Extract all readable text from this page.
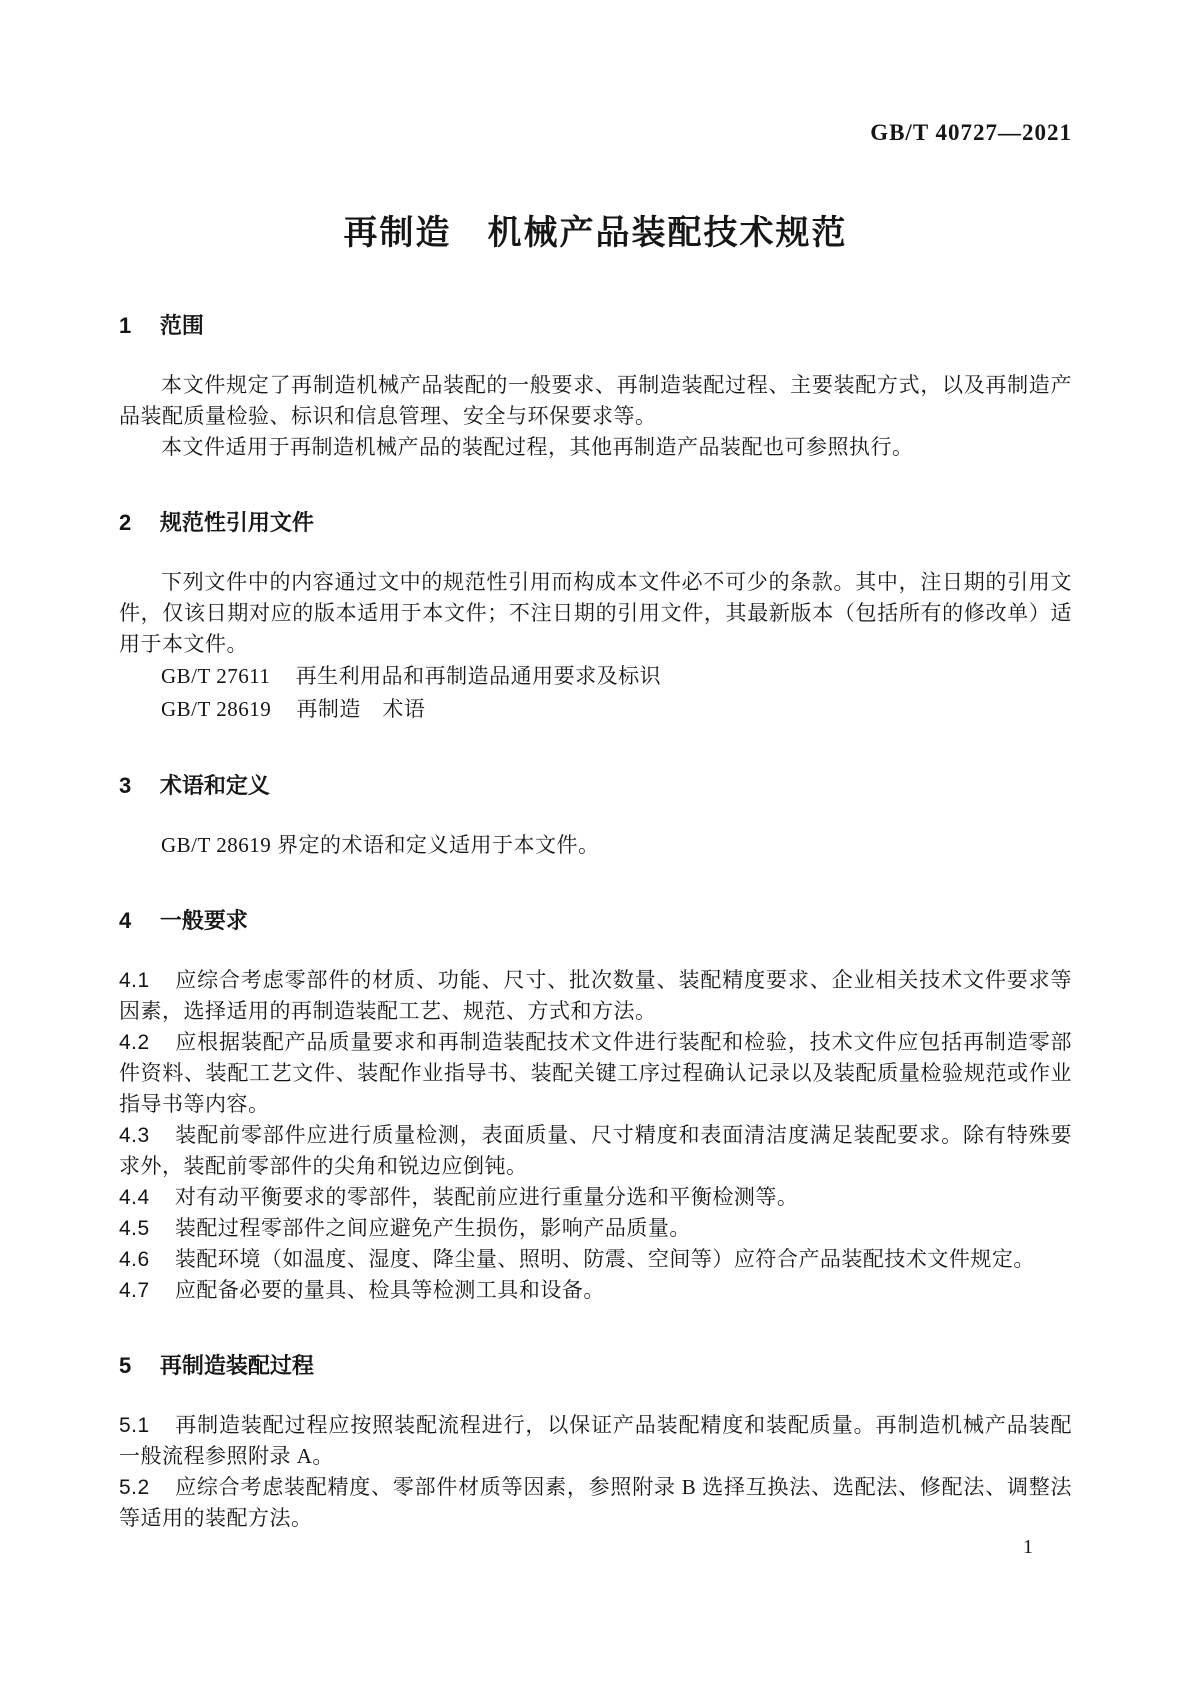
GB/T 40727—2021
再制造　机械产品装配技术规范
1 范围

本文件规定了再制造机械产品装配的一般要求、再制造装配过程、主要装配方式，以及再制造产品装配质量检验、标识和信息管理、安全与环保要求等。

本文件适用于再制造机械产品的装配过程，其他再制造产品装配也可参照执行。

2 规范性引用文件

下列文件中的内容通过文中的规范性引用而构成本文件必不可少的条款。其中，注日期的引用文件，仅该日期对应的版本适用于本文件；不注日期的引用文件，其最新版本（包括所有的修改单）适用于本文件。

GB/T 27611 再生利用品和再制造品通用要求及标识

GB/T 28619 再制造　术语

3 术语和定义

GB/T 28619 界定的术语和定义适用于本文件。

4 一般要求

4.1 应综合考虑零部件的材质、功能、尺寸、批次数量、装配精度要求、企业相关技术文件要求等因素，选择适用的再制造装配工艺、规范、方式和方法。

4.2 应根据装配产品质量要求和再制造装配技术文件进行装配和检验，技术文件应包括再制造零部件资料、装配工艺文件、装配作业指导书、装配关键工序过程确认记录以及装配质量检验规范或作业指导书等内容。

4.3 装配前零部件应进行质量检测，表面质量、尺寸精度和表面清洁度满足装配要求。除有特殊要求外，装配前零部件的尖角和锐边应倒钝。

4.4 对有动平衡要求的零部件，装配前应进行重量分选和平衡检测等。

4.5 装配过程零部件之间应避免产生损伤，影响产品质量。

4.6 装配环境（如温度、湿度、降尘量、照明、防震、空间等）应符合产品装配技术文件规定。

4.7 应配备必要的量具、检具等检测工具和设备。

5 再制造装配过程

5.1 再制造装配过程应按照装配流程进行，以保证产品装配精度和装配质量。再制造机械产品装配一般流程参照附录 A。

5.2 应综合考虑装配精度、零部件材质等因素，参照附录 B 选择互换法、选配法、修配法、调整法等适用的装配方法。

1
